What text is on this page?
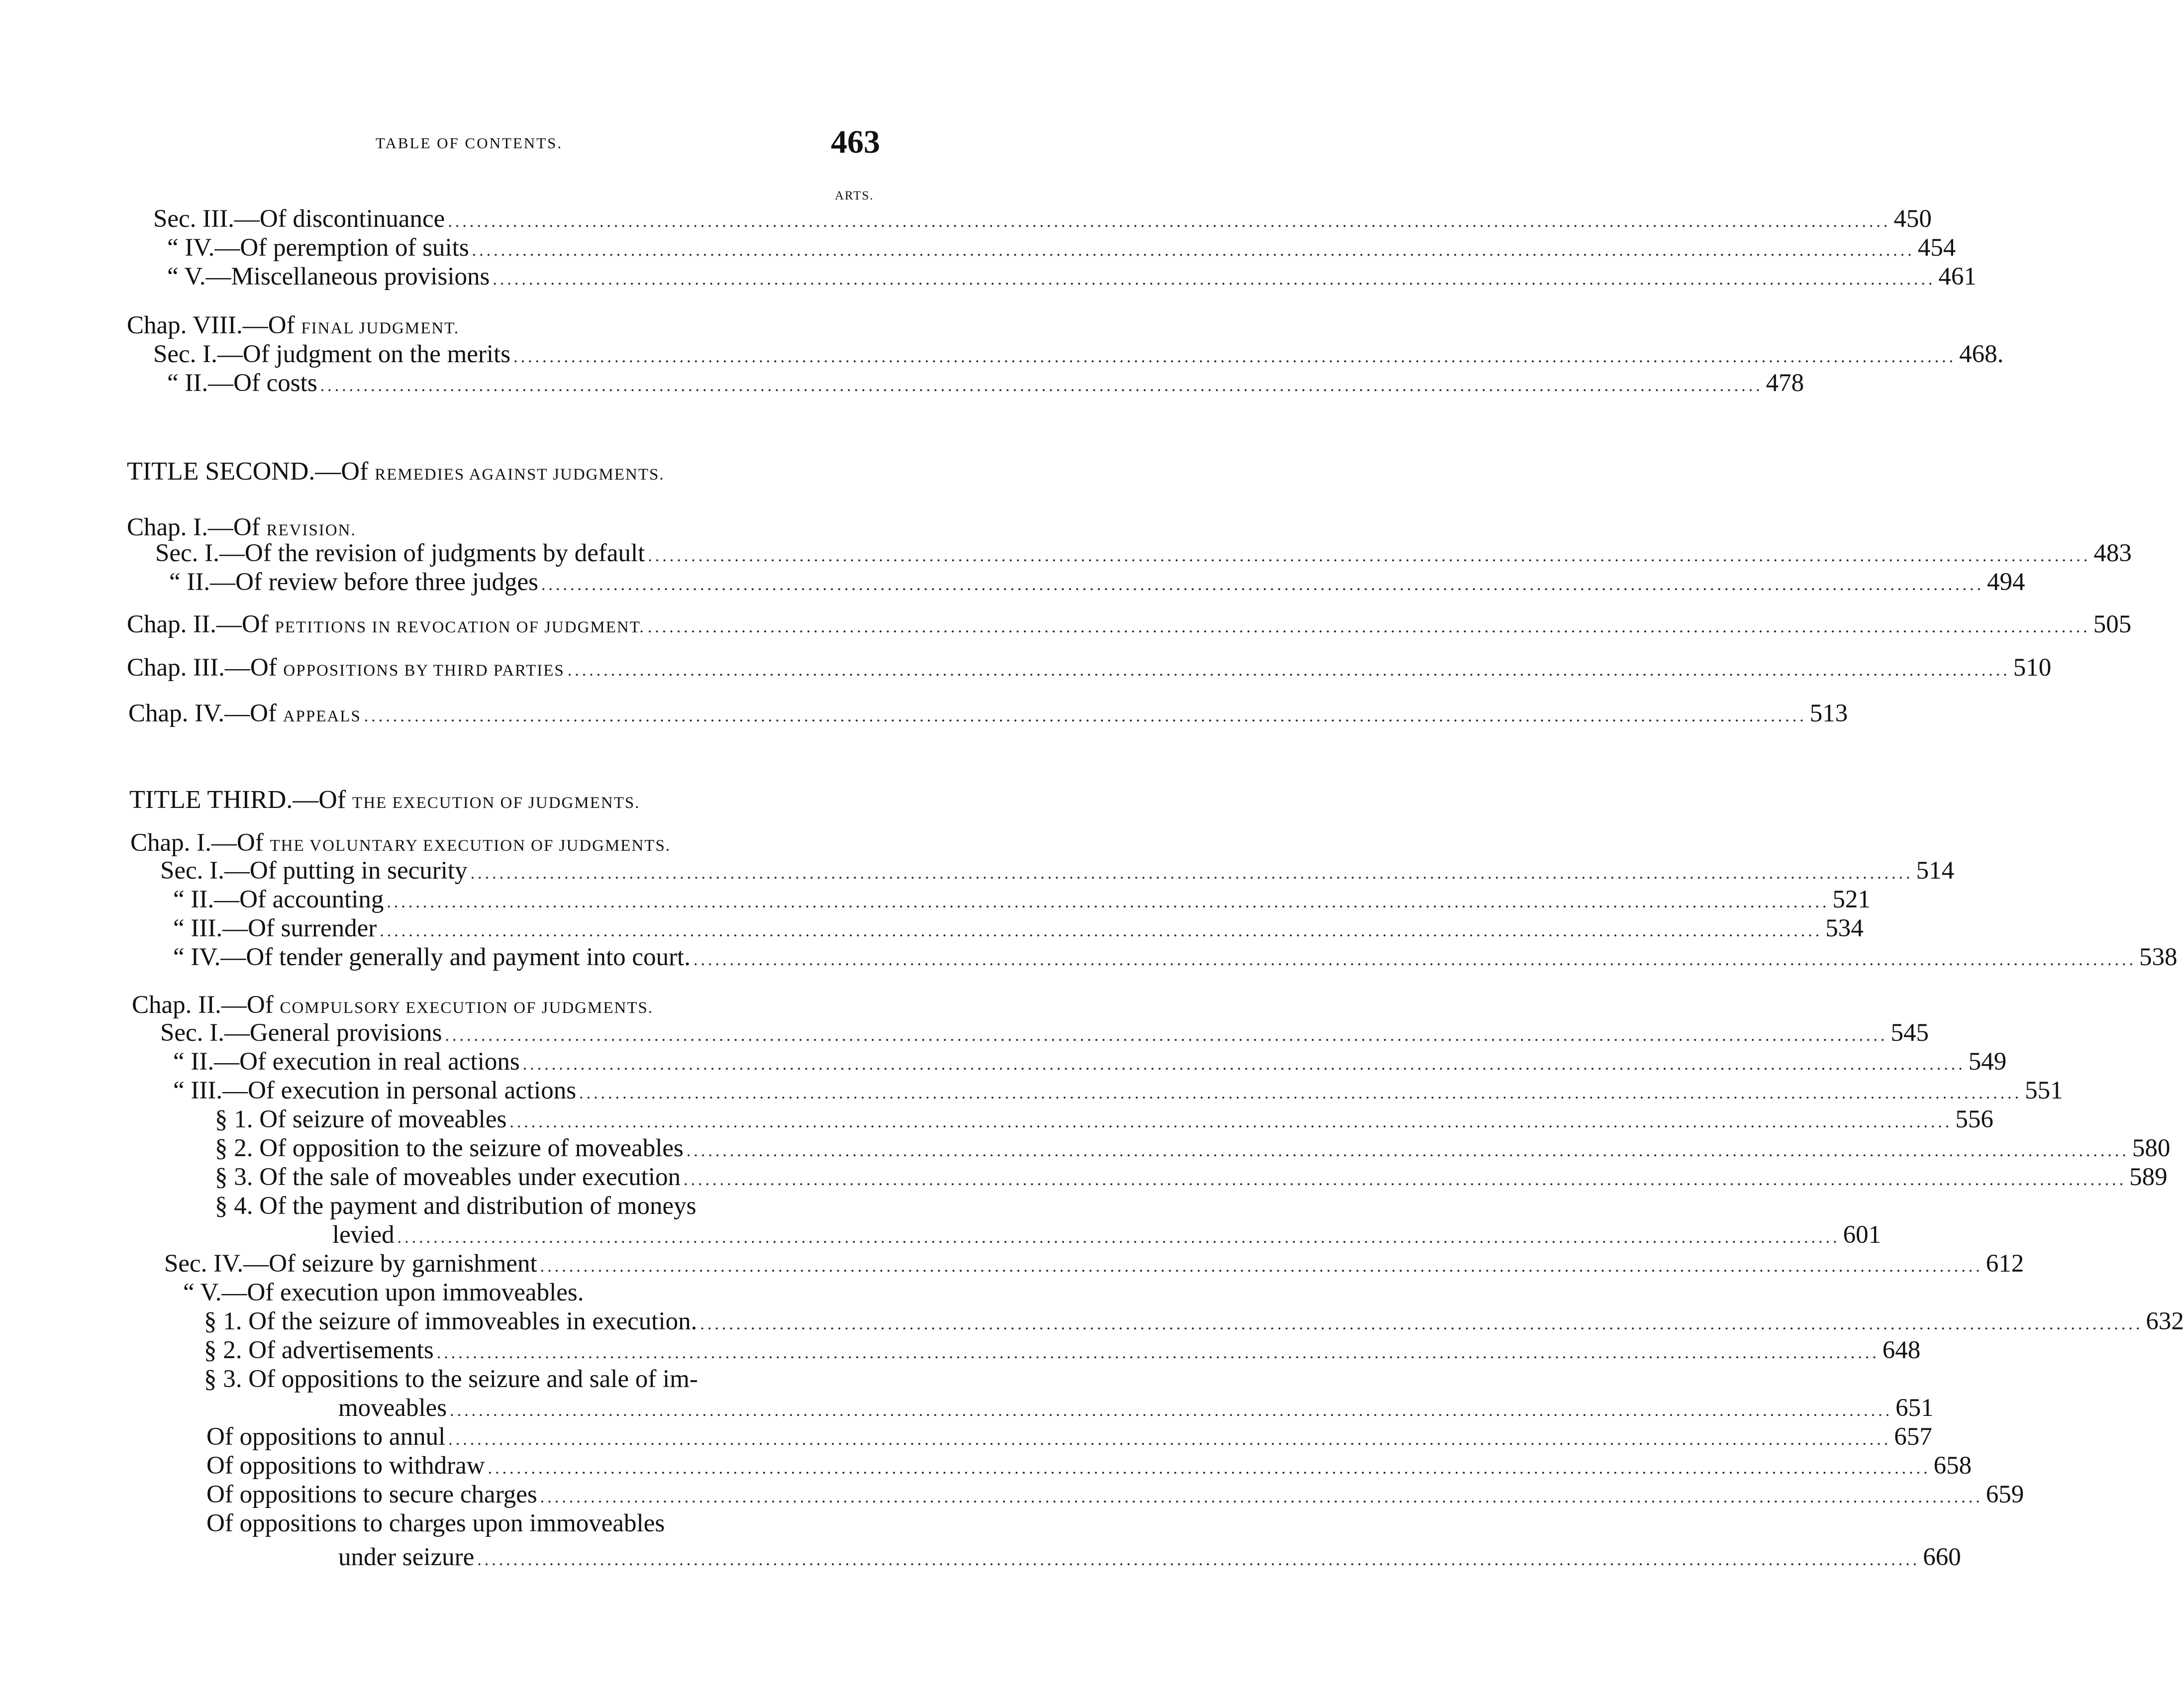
TABLE OF CONTENTS.	463
ARTS.
Sec. III.—Of discontinuance ........................................................................................................................................................................................................ 450
“ IV.—Of peremption of suits ........................................................................................................................................................................................................ 454
“ V.—Miscellaneous provisions ........................................................................................................................................................................................................ 461
Chap. VIII.—Of FINAL JUDGMENT.
Sec. I.—Of judgment on the merits ........................................................................................................................................................................................................ 468.
“ II.—Of costs ........................................................................................................................................................................................................ 478
TITLE SECOND.—Of REMEDIES AGAINST JUDGMENTS.
Chap. I.—Of REVISION.
Sec. I.—Of the revision of judgments by default ........................................................................................................................................................................................................ 483
“ II.—Of review before three judges ........................................................................................................................................................................................................ 494
Chap. II.—Of PETITIONS IN REVOCATION OF JUDGMENT. ........................................................................................................................................................................................................ 505
Chap. III.—Of OPPOSITIONS BY THIRD PARTIES ........................................................................................................................................................................................................ 510
Chap. IV.—Of APPEALS ........................................................................................................................................................................................................ 513
TITLE THIRD.—Of THE EXECUTION OF JUDGMENTS.
Chap. I.—Of THE VOLUNTARY EXECUTION OF JUDGMENTS.
Sec. I.—Of putting in security ........................................................................................................................................................................................................ 514
“ II.—Of accounting ........................................................................................................................................................................................................ 521
“ III.—Of surrender ........................................................................................................................................................................................................ 534
“ IV.—Of tender generally and payment into court. ........................................................................................................................................................................................................ 538
Chap. II.—Of COMPULSORY EXECUTION OF JUDGMENTS.
Sec. I.—General provisions ........................................................................................................................................................................................................ 545
“ II.—Of execution in real actions ........................................................................................................................................................................................................ 549
“ III.—Of execution in personal actions ........................................................................................................................................................................................................ 551
§ 1. Of seizure of moveables ........................................................................................................................................................................................................ 556
§ 2. Of opposition to the seizure of moveables ........................................................................................................................................................................................................ 580
§ 3. Of the sale of moveables under execution ........................................................................................................................................................................................................ 589
§ 4. Of the payment and distribution of moneys
levied ........................................................................................................................................................................................................ 601
Sec. IV.—Of seizure by garnishment ........................................................................................................................................................................................................ 612
“ V.—Of execution upon immoveables.
§ 1. Of the seizure of immoveables in execution. ........................................................................................................................................................................................................ 632
§ 2. Of advertisements ........................................................................................................................................................................................................ 648
§ 3. Of oppositions to the seizure and sale of im-
moveables ........................................................................................................................................................................................................ 651
Of oppositions to annul ........................................................................................................................................................................................................ 657
Of oppositions to withdraw ........................................................................................................................................................................................................ 658
Of oppositions to secure charges ........................................................................................................................................................................................................ 659
Of oppositions to charges upon immoveables
under seizure ........................................................................................................................................................................................................ 660
